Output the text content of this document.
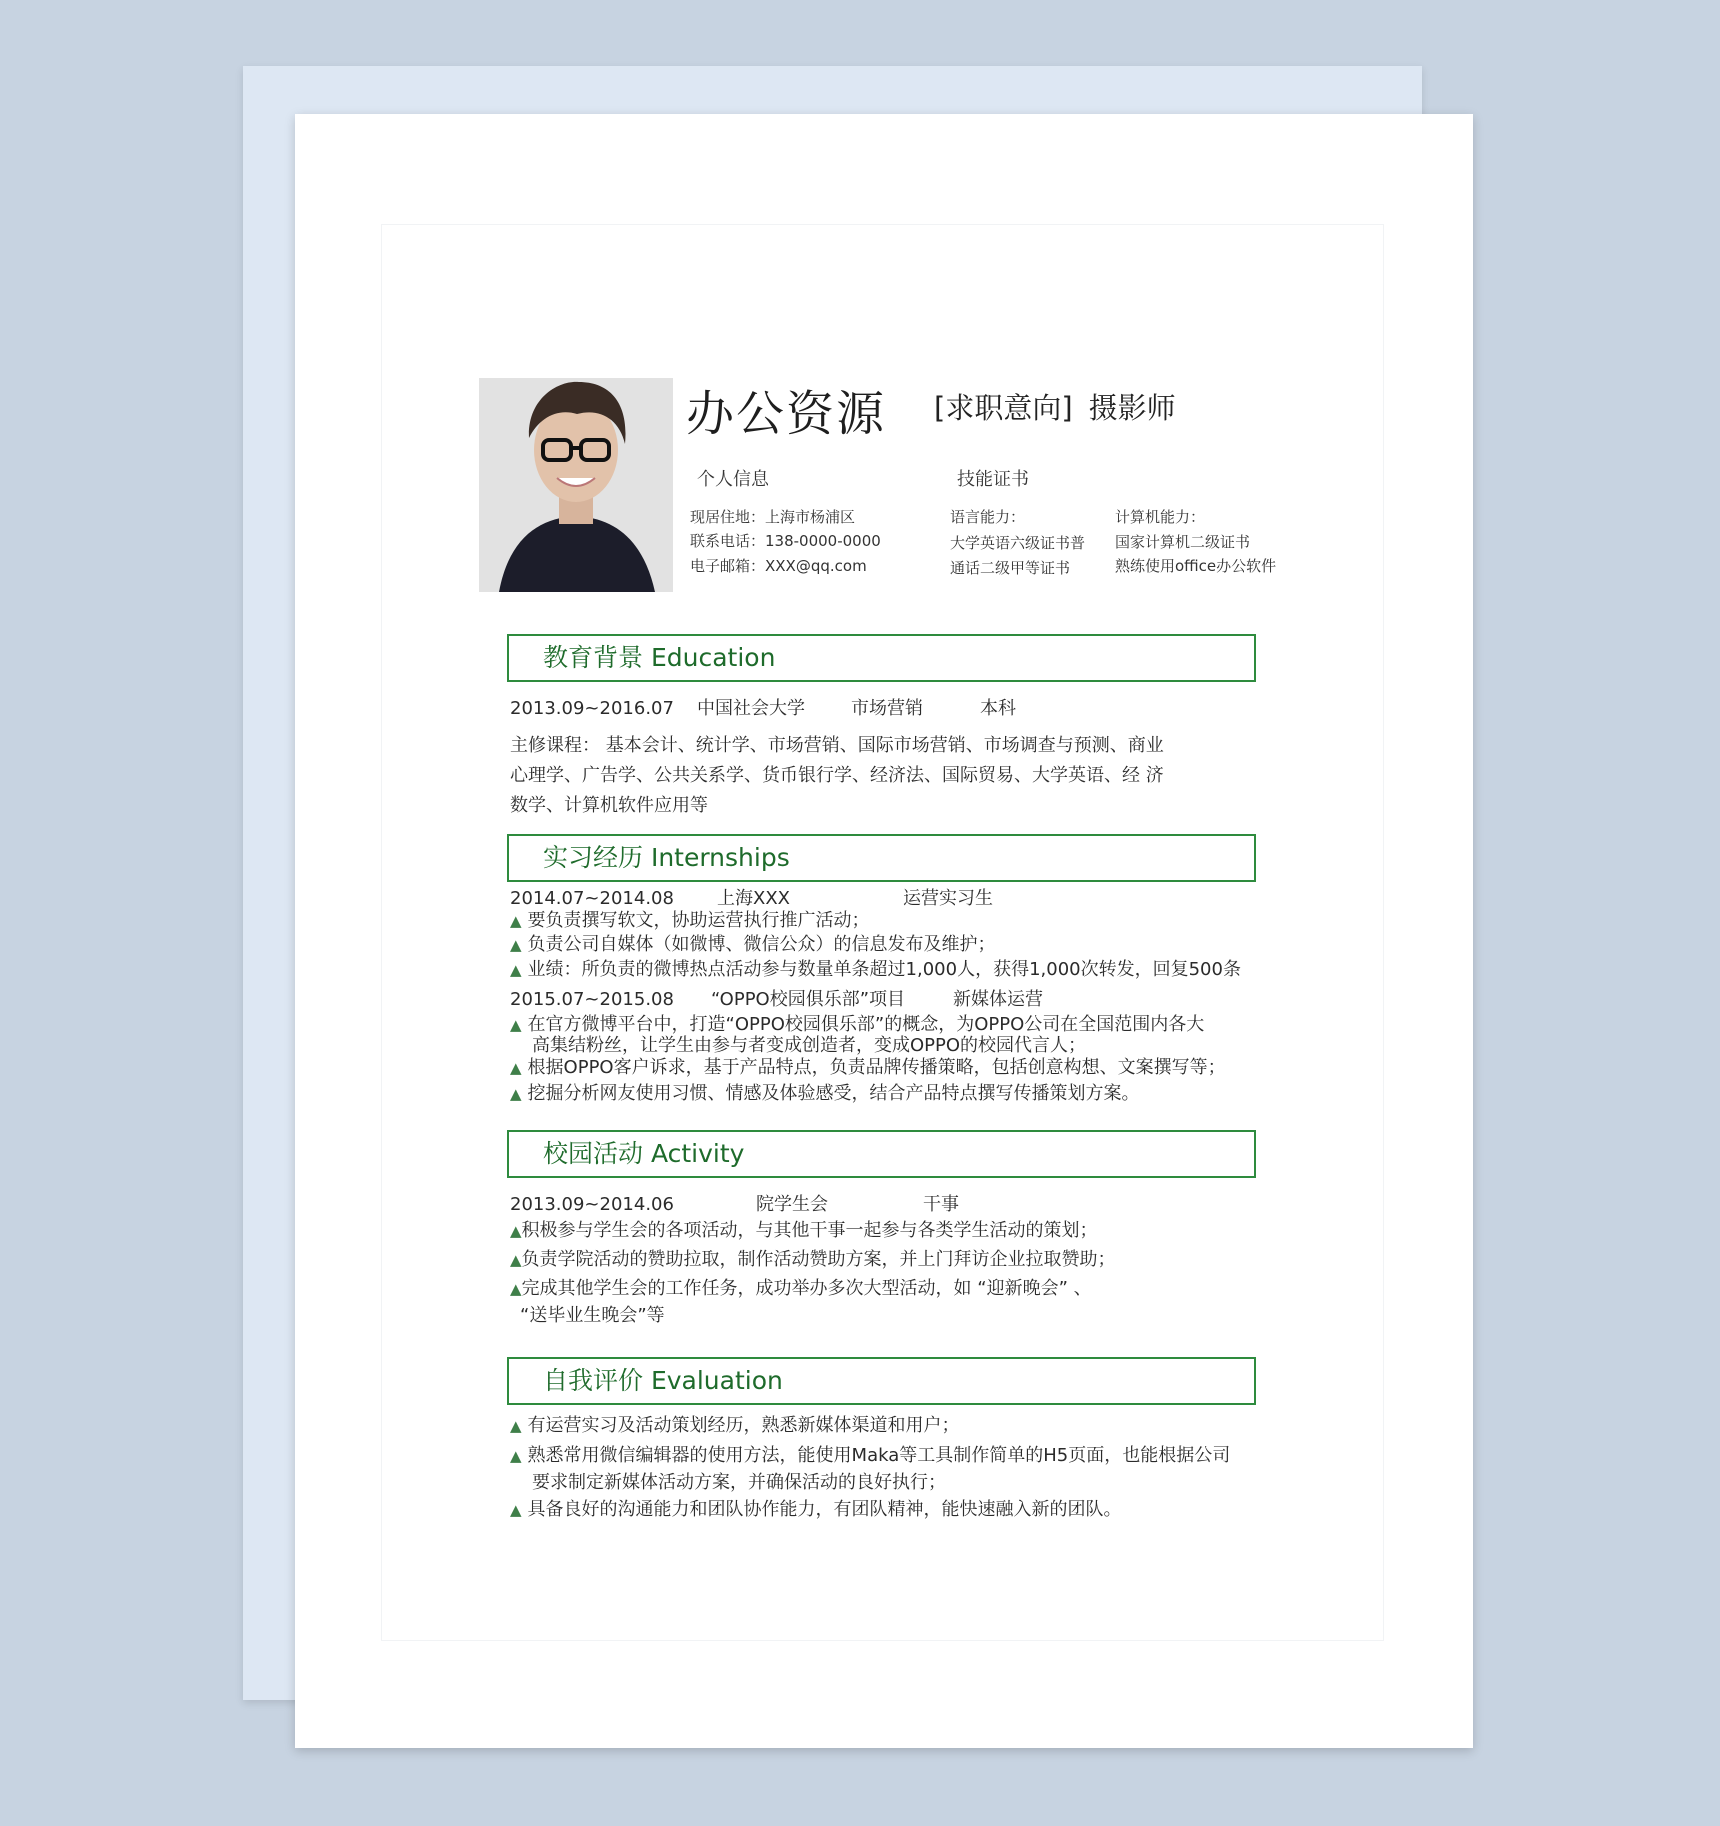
办公资源 [求职意向] 摄影师
个人信息
现居住地：上海市杨浦区
联系电话：138-0000-0000
电子邮箱：XXX@qq.com
技能证书
语言能力：
大学英语六级证书普
通话二级甲等证书
计算机能力：
国家计算机二级证书
熟练使用office办公软件
教育背景 Education
2013.09~2016.07 中国社会大学	市场营销	本科
主修课程： 基本会计、统计学、市场营销、国际市场营销、市场调查与预测、商业
心理学、广告学、公共关系学、货币银行学、经济法、国际贸易、大学英语、经 济
数学、计算机软件应用等
实习经历 Internships
2014.07~2014.08 上海XXX	运营实习生
▲ 要负责撰写软文，协助运营执行推广活动；
▲ 负责公司自媒体（如微博、微信公众）的信息发布及维护；
▲ 业绩：所负责的微博热点活动参与数量单条超过1,000人，获得1,000次转发，回复500条
2015.07~2015.08 “OPPO校园俱乐部”项目	新媒体运营
▲ 在官方微博平台中，打造“OPPO校园俱乐部”的概念，为OPPO公司在全国范围内各大
高集结粉丝，让学生由参与者变成创造者，变成OPPO的校园代言人；
▲ 根据OPPO客户诉求，基于产品特点，负责品牌传播策略，包括创意构想、文案撰写等；
▲ 挖掘分析网友使用习惯、情感及体验感受，结合产品特点撰写传播策划方案。
校园活动 Activity
2013.09~2014.06	院学生会	干事
▲积极参与学生会的各项活动，与其他干事一起参与各类学生活动的策划；
▲负责学院活动的赞助拉取，制作活动赞助方案，并上门拜访企业拉取赞助；
▲完成其他学生会的工作任务，成功举办多次大型活动，如 “迎新晚会” 、
“送毕业生晚会”等
自我评价 Evaluation
▲ 有运营实习及活动策划经历，熟悉新媒体渠道和用户；
▲ 熟悉常用微信编辑器的使用方法，能使用Maka等工具制作简单的H5页面，也能根据公司
要求制定新媒体活动方案，并确保活动的良好执行；
▲ 具备良好的沟通能力和团队协作能力，有团队精神，能快速融入新的团队。
